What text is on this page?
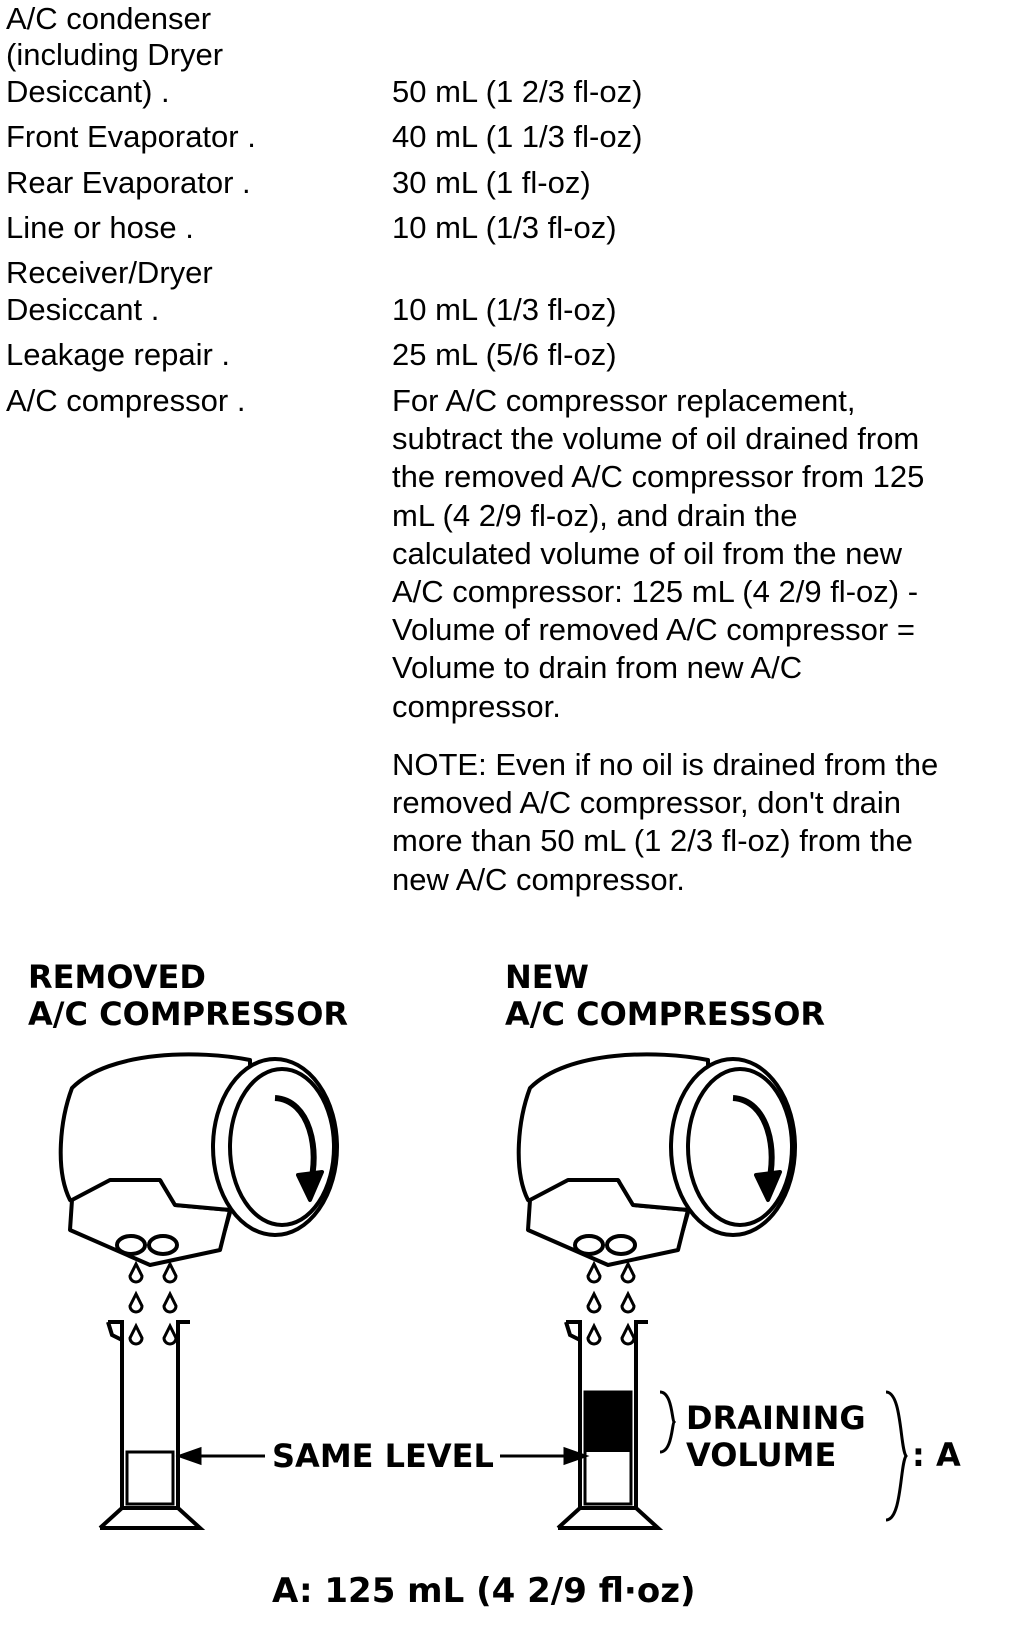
A/C condenser
(including Dryer
Desiccant) .	50 mL (1 2/3 fl-oz)
Front Evaporator .	40 mL (1 1/3 fl-oz)
Rear Evaporator .	30 mL (1 fl-oz)
Line or hose .	10 mL (1/3 fl-oz)
Receiver/Dryer
Desiccant .	10 mL (1/3 fl-oz)
Leakage repair .	25 mL (5/6 fl-oz)
A/C compressor .	For A/C compressor replacement,
subtract the volume of oil drained from
the removed A/C compressor from 125
mL (4 2/9 fl-oz), and drain the
calculated volume of oil from the new
A/C compressor: 125 mL (4 2/9 fl-oz) -
Volume of removed A/C compressor =
Volume to drain from new A/C
compressor.
NOTE: Even if no oil is drained from the
removed A/C compressor, don't drain
more than 50 mL (1 2/3 fl-oz) from the
new A/C compressor.
REMOVED
A/C COMPRESSOR
NEW
A/C COMPRESSOR
SAME LEVEL
DRAINING
VOLUME : A
A: 125 mL (4 2/9 fl·oz)
